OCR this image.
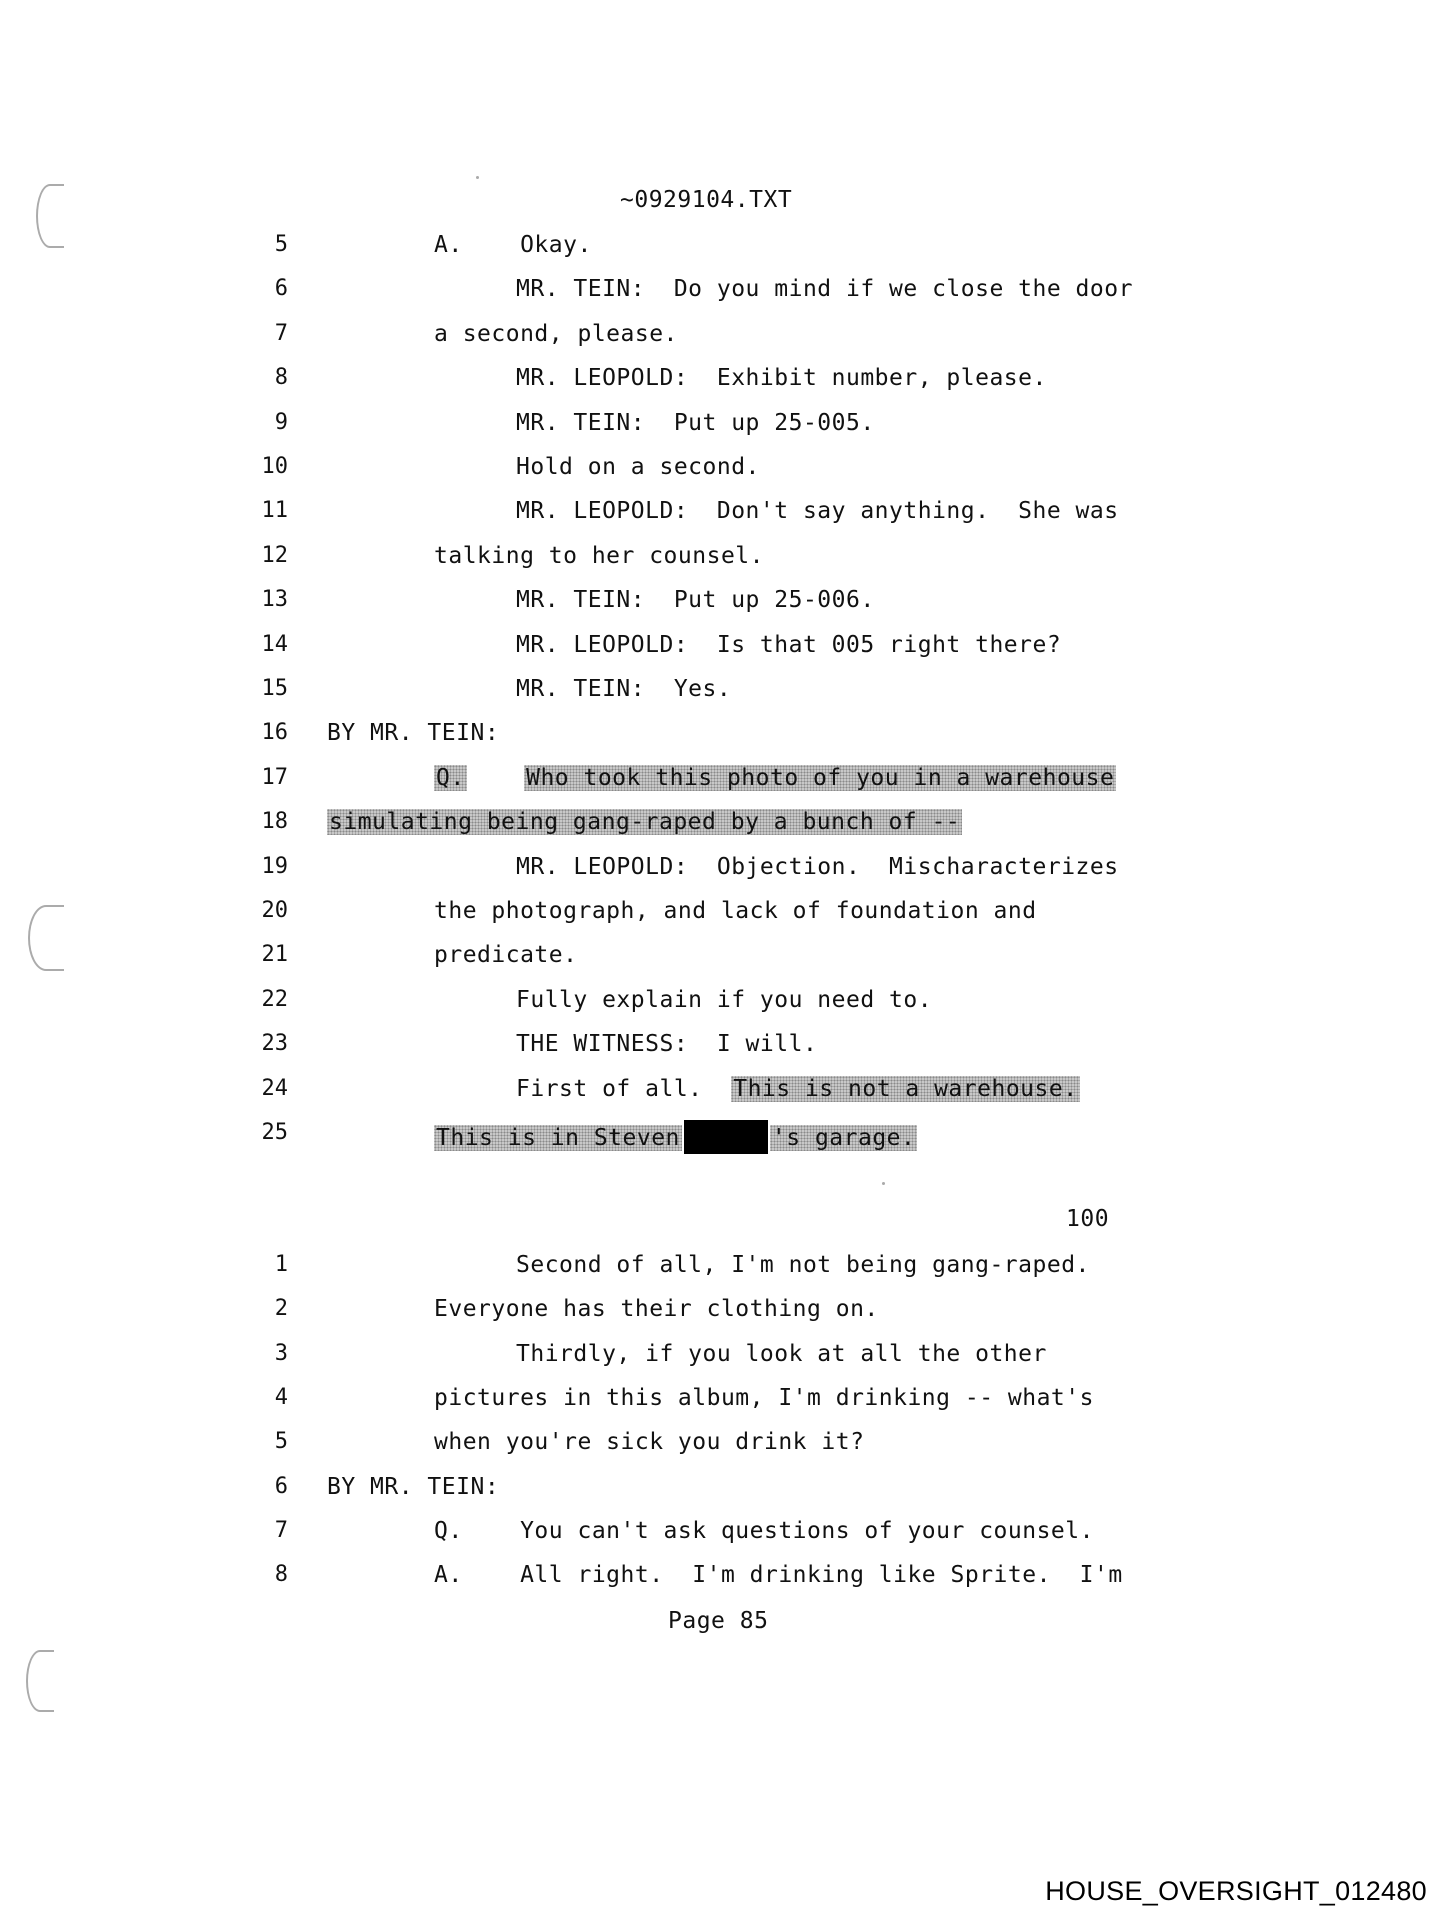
~0929104.TXT
5	A.    Okay.
6	MR. TEIN:  Do you mind if we close the door
7	a second, please.
8	MR. LEOPOLD:  Exhibit number, please.
9	MR. TEIN:  Put up 25-005.
10	Hold on a second.
11	MR. LEOPOLD:  Don't say anything.  She was
12	talking to her counsel.
13	MR. TEIN:  Put up 25-006.
14	MR. LEOPOLD:  Is that 005 right there?
15	MR. TEIN:  Yes.
16 BY MR. TEIN:
17	Q.	Who took this photo of you in a warehouse
18 simulating being gang-raped by a bunch of --
19	MR. LEOPOLD:  Objection.  Mischaracterizes
20	the photograph, and lack of foundation and
21	predicate.
22	Fully explain if you need to.
23	THE WITNESS:  I will.
24	First of all.  This is not a warehouse.
25	This is in Steven	's garage.
100
1	Second of all, I'm not being gang-raped.
2	Everyone has their clothing on.
3	Thirdly, if you look at all the other
4	pictures in this album, I'm drinking -- what's
5	when you're sick you drink it?
6 BY MR. TEIN:
7	Q.    You can't ask questions of your counsel.
8	A.    All right.  I'm drinking like Sprite.  I'm
Page 85
HOUSE_OVERSIGHT_012480
